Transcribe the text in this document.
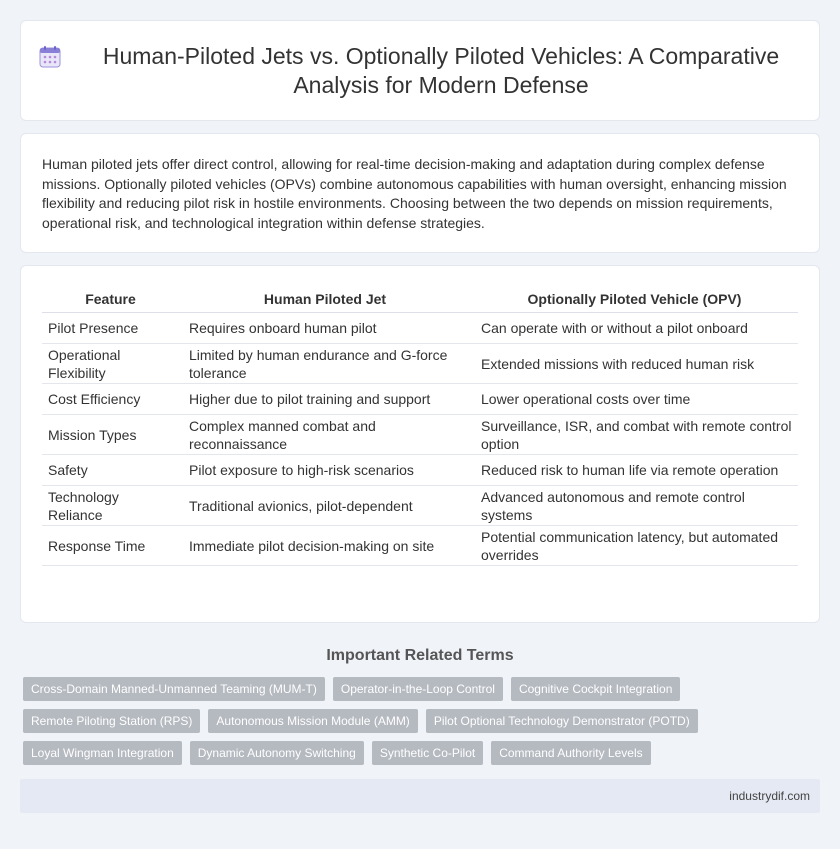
Human-Piloted Jets vs. Optionally Piloted Vehicles: A Comparative Analysis for Modern Defense

Human piloted jets offer direct control, allowing for real-time decision-making and adaptation during complex defense missions. Optionally piloted vehicles (OPVs) combine autonomous capabilities with human oversight, enhancing mission flexibility and reducing pilot risk in hostile environments. Choosing between the two depends on mission requirements, operational risk, and technological integration within defense strategies.

Feature	Human Piloted Jet	Optionally Piloted Vehicle (OPV)
Pilot Presence	Requires onboard human pilot	Can operate with or without a pilot onboard
Operational Flexibility	Limited by human endurance and G-force tolerance	Extended missions with reduced human risk
Cost Efficiency	Higher due to pilot training and support	Lower operational costs over time
Mission Types	Complex manned combat and reconnaissance	Surveillance, ISR, and combat with remote control option
Safety	Pilot exposure to high-risk scenarios	Reduced risk to human life via remote operation
Technology Reliance	Traditional avionics, pilot-dependent	Advanced autonomous and remote control systems
Response Time	Immediate pilot decision-making on site	Potential communication latency, but automated overrides
Important Related Terms
Cross-Domain Manned-Unmanned Teaming (MUM-T)	Operator-in-the-Loop Control	Cognitive Cockpit Integration
Remote Piloting Station (RPS)	Autonomous Mission Module (AMM)	Pilot Optional Technology Demonstrator (POTD)
Loyal Wingman Integration	Dynamic Autonomy Switching	Synthetic Co-Pilot	Command Authority Levels
industrydif.com
